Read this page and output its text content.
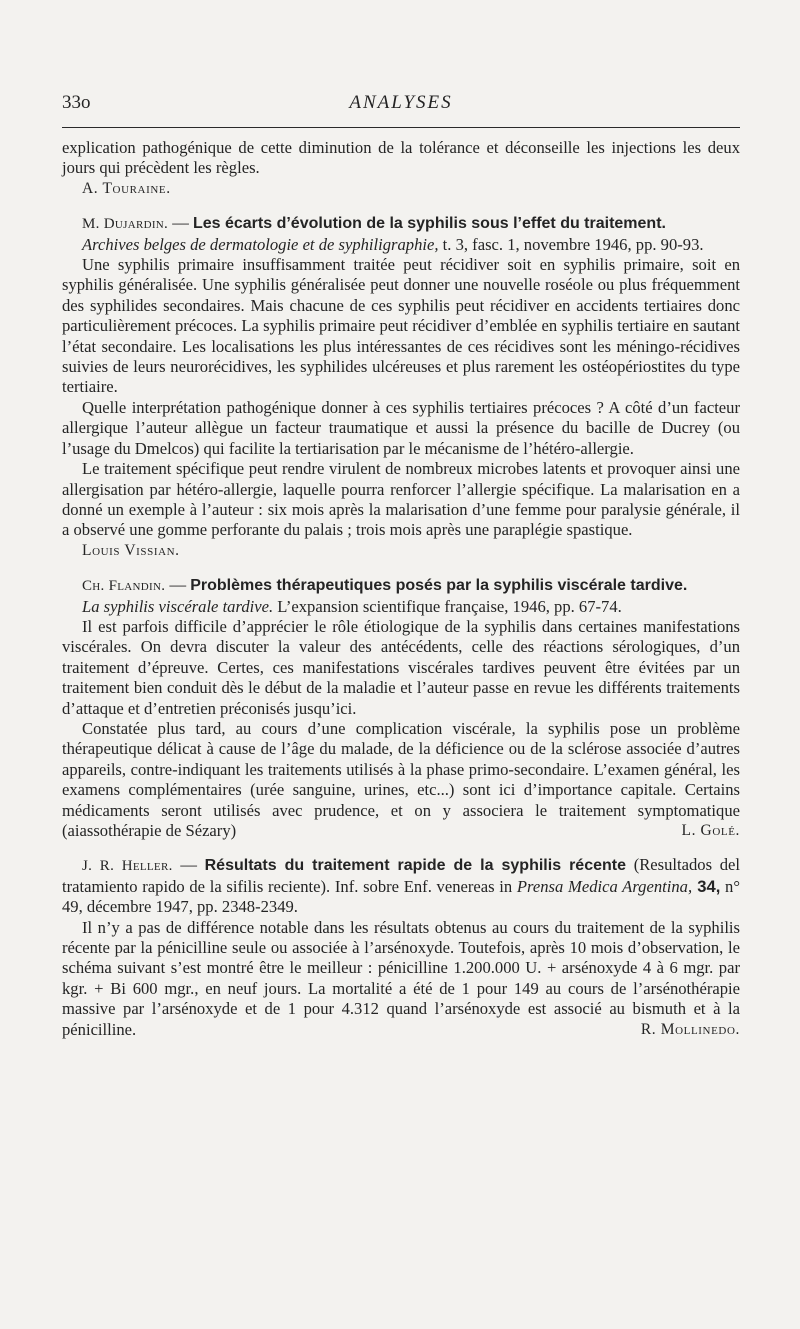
33o	ANALYSES

explication pathogénique de cette diminution de la tolérance et déconseille les injections les deux jours qui précèdent les règles.

A. Touraine.

M. Dujardin. — Les écarts d’évolution de la syphilis sous l’effet du traitement.

Archives belges de dermatologie et de syphiligraphie, t. 3, fasc. 1, novembre 1946, pp. 90-93.

Une syphilis primaire insuffisamment traitée peut récidiver soit en syphilis primaire, soit en syphilis généralisée. Une syphilis généralisée peut donner une nouvelle roséole ou plus fréquemment des syphilides secondaires. Mais chacune de ces syphilis peut récidiver en accidents tertiaires donc particulièrement précoces. La syphilis primaire peut récidiver d’emblée en syphilis tertiaire en sautant l’état secondaire. Les localisations les plus intéressantes de ces récidives sont les méningo-récidives suivies de leurs neurorécidives, les syphilides ulcéreuses et plus rarement les ostéopériostites du type tertiaire.

Quelle interprétation pathogénique donner à ces syphilis tertiaires précoces ? A côté d’un facteur allergique l’auteur allègue un facteur traumatique et aussi la présence du bacille de Ducrey (ou l’usage du Dmelcos) qui facilite la tertiarisation par le mécanisme de l’hétéro-allergie.

Le traitement spécifique peut rendre virulent de nombreux microbes latents et provoquer ainsi une allergisation par hétéro-allergie, laquelle pourra renforcer l’allergie spécifique. La malarisation en a donné un exemple à l’auteur : six mois après la malarisation d’une femme pour paralysie générale, il a observé une gomme perforante du palais ; trois mois après une paraplégie spastique.

Louis Vissian.

Ch. Flandin. — Problèmes thérapeutiques posés par la syphilis viscérale tardive.

La syphilis viscérale tardive. L’expansion scientifique française, 1946, pp. 67-74.

Il est parfois difficile d’apprécier le rôle étiologique de la syphilis dans certaines manifestations viscérales. On devra discuter la valeur des antécédents, celle des réactions sérologiques, d’un traitement d’épreuve. Certes, ces manifestations viscérales tardives peuvent être évitées par un traitement bien conduit dès le début de la maladie et l’auteur passe en revue les différents traitements d’attaque et d’entretien préconisés jusqu’ici.

Constatée plus tard, au cours d’une complication viscérale, la syphilis pose un problème thérapeutique délicat à cause de l’âge du malade, de la déficience ou de la sclérose associée d’autres appareils, contre-indiquant les traitements utilisés à la phase primo-secondaire. L’examen général, les examens complémentaires (urée sanguine, urines, etc...) sont ici d’importance capitale. Certains médicaments seront utilisés avec prudence, et on y associera le traitement symptomatique (aiassothérapie de Sézary)	L. Golé.

J. R. Heller. — Résultats du traitement rapide de la syphilis récente (Resultados del tratamiento rapido de la sifilis reciente). Inf. sobre Enf. venereas in Prensa Medica Argentina, 34, n° 49, décembre 1947, pp. 2348-2349.

Il n’y a pas de différence notable dans les résultats obtenus au cours du traitement de la syphilis récente par la pénicilline seule ou associée à l’arsénoxyde. Toutefois, après 10 mois d’observation, le schéma suivant s’est montré être le meilleur : pénicilline 1.200.000 U. + arsénoxyde 4 à 6 mgr. par kgr. + Bi 600 mgr., en neuf jours. La mortalité a été de 1 pour 149 au cours de l’arsénothérapie massive par l’arsénoxyde et de 1 pour 4.312 quand l’arsénoxyde est associé au bismuth et à la pénicilline.	R. Mollinedo.
